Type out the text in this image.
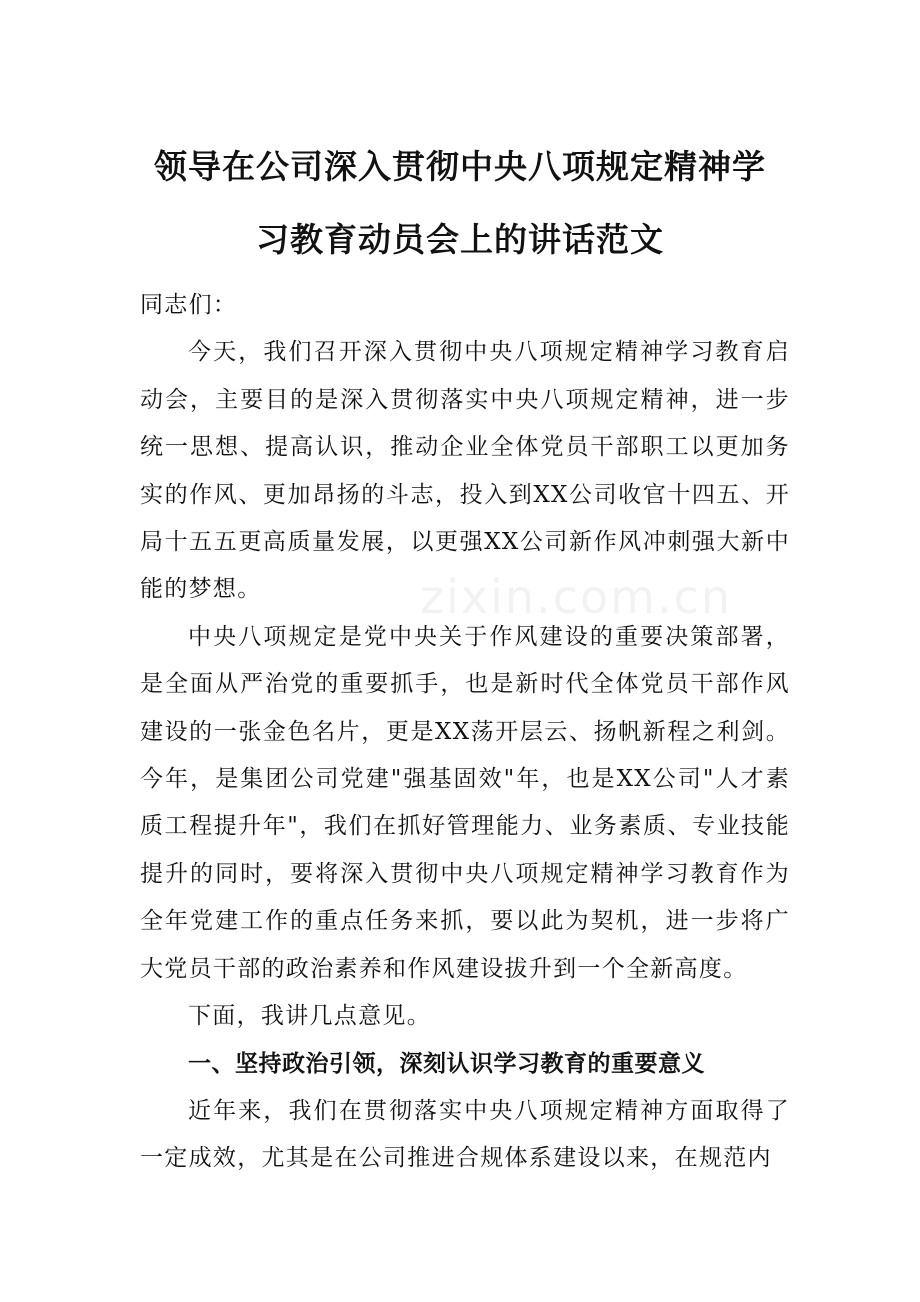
领导在公司深入贯彻中央八项规定精神学
习教育动员会上的讲话范文
zixin.com.cn

同志们：

今天，我们召开深入贯彻中央八项规定精神学习教育启动会，主要目的是深入贯彻落实中央八项规定精神，进一步统一思想、提高认识，推动企业全体党员干部职工以更加务实的作风、更加昂扬的斗志，投入到XX公司收官十四五、开局十五五更高质量发展，以更强XX公司新作风冲刺强大新中能的梦想。

中央八项规定是党中央关于作风建设的重要决策部署，是全面从严治党的重要抓手，也是新时代全体党员干部作风建设的一张金色名片，更是XX荡开层云、扬帆新程之利剑。今年，是集团公司党建"强基固效"年，也是XX公司"人才素质工程提升年"，我们在抓好管理能力、业务素质、专业技能提升的同时，要将深入贯彻中央八项规定精神学习教育作为全年党建工作的重点任务来抓，要以此为契机，进一步将广大党员干部的政治素养和作风建设拔升到一个全新高度。

下面，我讲几点意见。

一、坚持政治引领，深刻认识学习教育的重要意义

近年来，我们在贯彻落实中央八项规定精神方面取得了一定成效，尤其是在公司推进合规体系建设以来，在规范内
